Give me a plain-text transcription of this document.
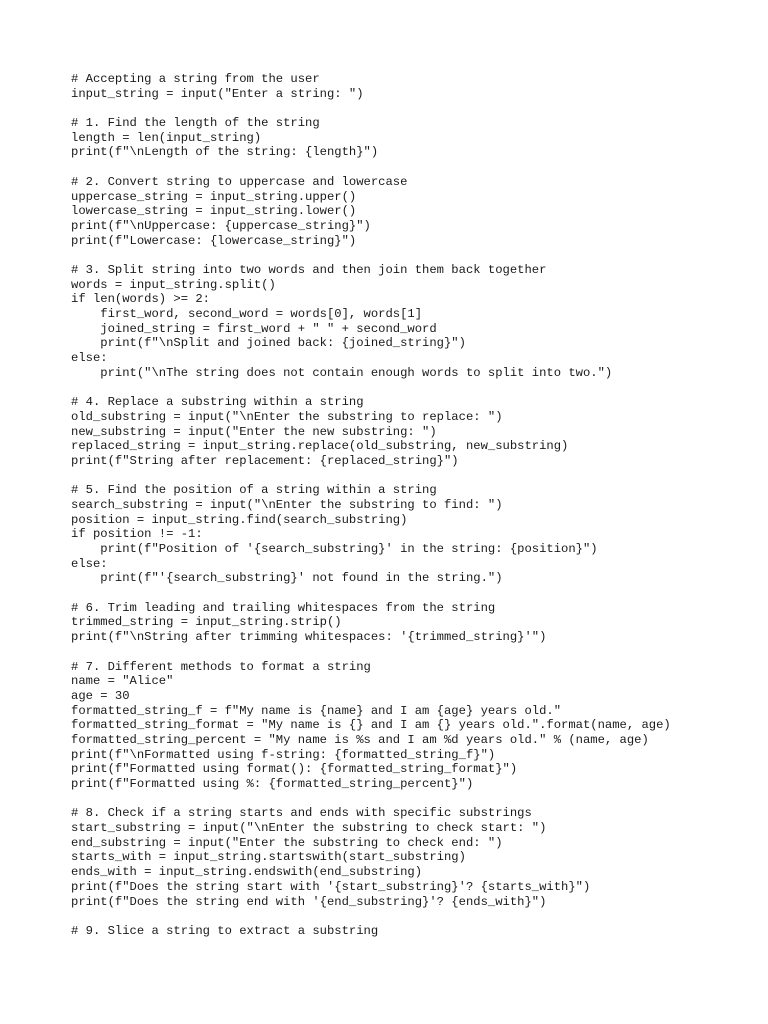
# Accepting a string from the user
input_string = input("Enter a string: ")
# 1. Find the length of the string
length = len(input_string)
print(f"\nLength of the string: {length}")
# 2. Convert string to uppercase and lowercase
uppercase_string = input_string.upper()
lowercase_string = input_string.lower()
print(f"\nUppercase: {uppercase_string}")
print(f"Lowercase: {lowercase_string}")
# 3. Split string into two words and then join them back together
words = input_string.split()
if len(words) >= 2:
first_word, second_word = words[0], words[1]
joined_string = first_word + " " + second_word
print(f"\nSplit and joined back: {joined_string}")
else:
print("\nThe string does not contain enough words to split into two.")
# 4. Replace a substring within a string
old_substring = input("\nEnter the substring to replace: ")
new_substring = input("Enter the new substring: ")
replaced_string = input_string.replace(old_substring, new_substring)
print(f"String after replacement: {replaced_string}")
# 5. Find the position of a string within a string
search_substring = input("\nEnter the substring to find: ")
position = input_string.find(search_substring)
if position != -1:
print(f"Position of '{search_substring}' in the string: {position}")
else:
print(f"'{search_substring}' not found in the string.")
# 6. Trim leading and trailing whitespaces from the string
trimmed_string = input_string.strip()
print(f"\nString after trimming whitespaces: '{trimmed_string}'")
# 7. Different methods to format a string
name = "Alice"
age = 30
formatted_string_f = f"My name is {name} and I am {age} years old."
formatted_string_format = "My name is {} and I am {} years old.".format(name, age)
formatted_string_percent = "My name is %s and I am %d years old." % (name, age)
print(f"\nFormatted using f-string: {formatted_string_f}")
print(f"Formatted using format(): {formatted_string_format}")
print(f"Formatted using %: {formatted_string_percent}")
# 8. Check if a string starts and ends with specific substrings
start_substring = input("\nEnter the substring to check start: ")
end_substring = input("Enter the substring to check end: ")
starts_with = input_string.startswith(start_substring)
ends_with = input_string.endswith(end_substring)
print(f"Does the string start with '{start_substring}'? {starts_with}")
print(f"Does the string end with '{end_substring}'? {ends_with}")
# 9. Slice a string to extract a substring
